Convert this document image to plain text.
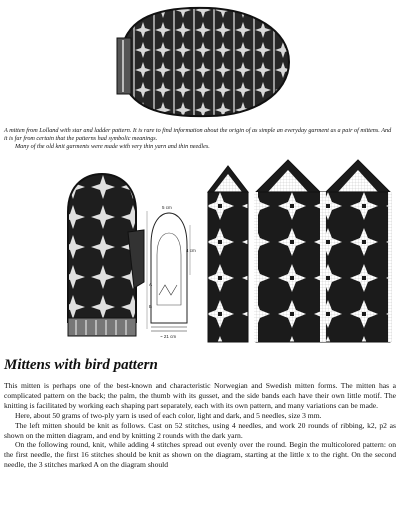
A mitten from Lolland with star and ladder pattern. It is rare to find information about the origin of as simple an everyday garment as a pair of mittens. And it is far from certain that the patterns had symbolic meanings.

Many of the old knit garments were made with very thin yarn and thin needles.

5 cm
4 cm
A
B
~ 21 cm
Mittens with bird pattern

This mitten is perhaps one of the best-known and characteristic Norwegian and Swedish mitten forms. The mitten has a complicated pattern on the back; the palm, the thumb with its gusset, and the side bands each have their own little motif. The knitting is facilitated by working each shaping part separately, each with its own pattern, and many variations can be made.

Here, about 50 grams of two-ply yarn is used of each color, light and dark, and 5 needles, size 3 mm.

The left mitten should be knit as follows. Cast on 52 stitches, using 4 needles, and work 20 rounds of ribbing, k2, p2 as shown on the mitten diagram, and end by knitting 2 rounds with the dark yarn.

On the following round, knit, while adding 4 stitches spread out evenly over the round. Begin the multicolored pattern: on the first needle, the first 16 stitches should be knit as shown on the diagram, starting at the little x to the right. On the second needle, the 3 stitches marked A on the diagram should
